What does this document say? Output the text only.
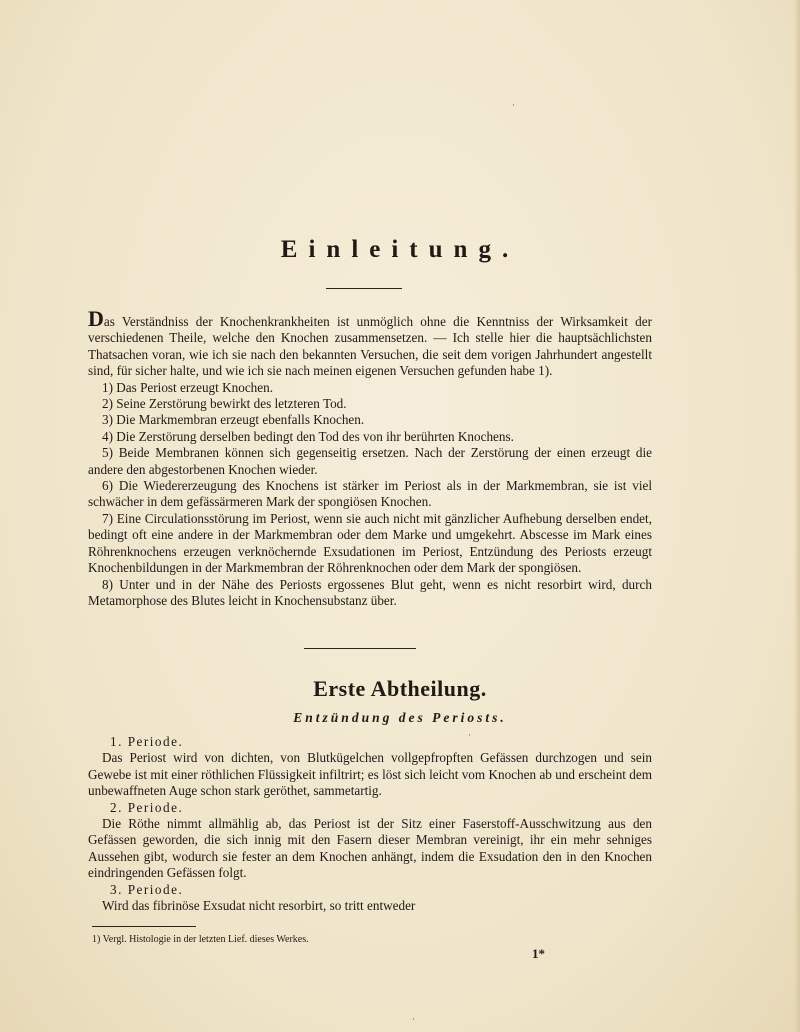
Einleitung.

Das Verständniss der Knochenkrankheiten ist unmöglich ohne die Kenntniss der Wirksamkeit der verschiedenen Theile, welche den Knochen zusammensetzen. — Ich stelle hier die hauptsächlichsten Thatsachen voran, wie ich sie nach den bekannten Versuchen, die seit dem vorigen Jahrhundert angestellt sind, für sicher halte, und wie ich sie nach meinen eigenen Versuchen gefunden habe 1).

1) Das Periost erzeugt Knochen.

2) Seine Zerstörung bewirkt des letzteren Tod.

3) Die Markmembran erzeugt ebenfalls Knochen.

4) Die Zerstörung derselben bedingt den Tod des von ihr berührten Knochens.

5) Beide Membranen können sich gegenseitig ersetzen. Nach der Zerstörung der einen erzeugt die andere den abgestorbenen Knochen wieder.

6) Die Wiedererzeugung des Knochens ist stärker im Periost als in der Markmembran, sie ist viel schwächer in dem gefässärmeren Mark der spongiösen Knochen.

7) Eine Circulationsstörung im Periost, wenn sie auch nicht mit gänzlicher Aufhebung derselben endet, bedingt oft eine andere in der Markmembran oder dem Marke und umgekehrt. Abscesse im Mark eines Röhrenknochens erzeugen verknöchernde Exsudationen im Periost, Entzündung des Periosts erzeugt Knochenbildungen in der Markmembran der Röhrenknochen oder dem Mark der spongiösen.

8) Unter und in der Nähe des Periosts ergossenes Blut geht, wenn es nicht resorbirt wird, durch Metamorphose des Blutes leicht in Knochensubstanz über.

Erste Abtheilung.
Entzündung des Periosts.

1. Periode.

Das Periost wird von dichten, von Blutkügelchen vollgepfropften Gefässen durchzogen und sein Gewebe ist mit einer röthlichen Flüssigkeit infiltrirt; es löst sich leicht vom Knochen ab und erscheint dem unbewaffneten Auge schon stark geröthet, sammetartig.

2. Periode.

Die Röthe nimmt allmählig ab, das Periost ist der Sitz einer Faserstoff-Ausschwitzung aus den Gefässen geworden, die sich innig mit den Fasern dieser Membran vereinigt, ihr ein mehr sehniges Aussehen gibt, wodurch sie fester an dem Knochen anhängt, indem die Exsudation den in den Knochen eindringenden Gefässen folgt.

3. Periode.

Wird das fibrinöse Exsudat nicht resorbirt, so tritt entweder

1) Vergl. Histologie in der letzten Lief. dieses Werkes.
1*
·
·
·
